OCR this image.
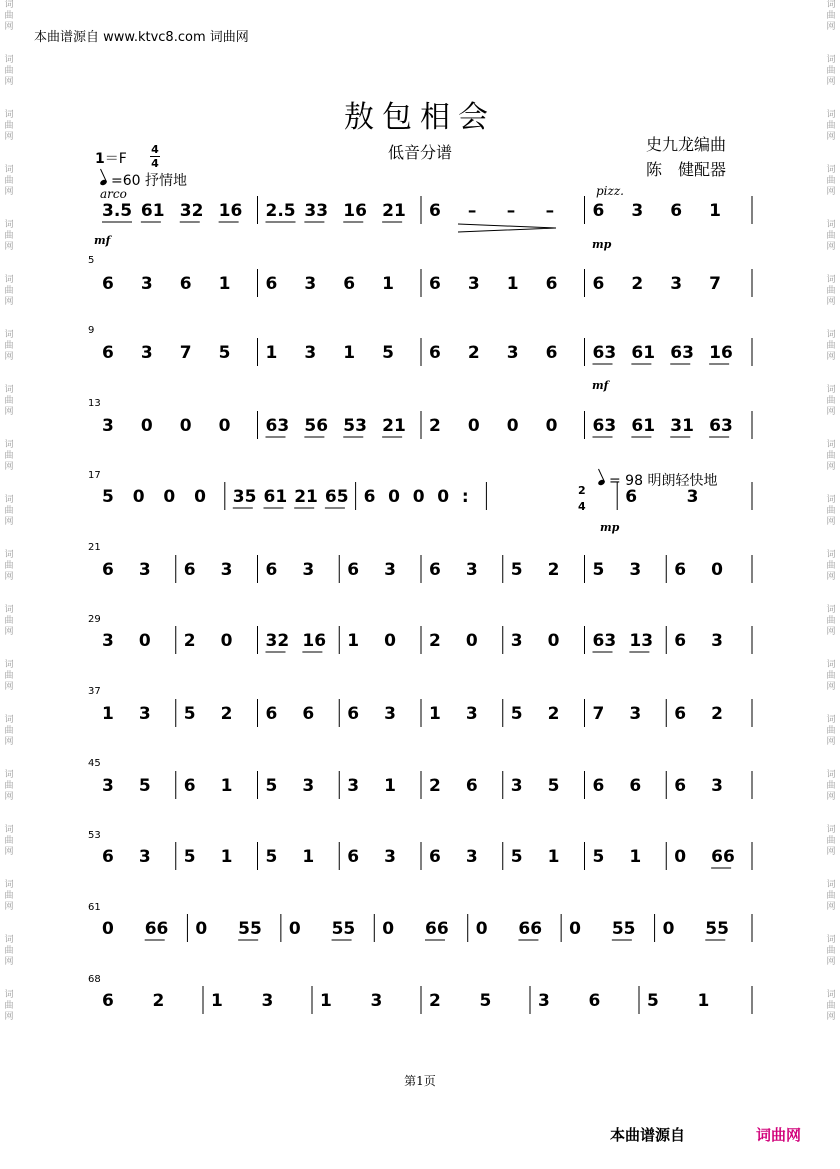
词
曲
网

词
曲
网

词
曲
网

词
曲
网

词
曲
网

词
曲
网

词
曲
网

词
曲
网

词
曲
网

词
曲
网

词
曲
网

词
曲
网

词
曲
网

词
曲
网

词
曲
网

词
曲
网

词
曲
网

词
曲
网

词
曲
网

词
曲
网

词
曲
网

词
曲
网

词
曲
网

词
曲
网

词
曲
网

词
曲
网

词
曲
网

词
曲
网

词
曲
网

词
曲
网

词
曲
网

词
曲
网

词
曲
网

词
曲
网

词
曲
网

词
曲
网

词
曲
网

词
曲
网

本曲谱源自 www.ktvc8.com 词曲网
敖包相会
低音分谱	史九龙编曲
陈　健配器
1＝F
4
4
=60 抒情地
= 98 明朗轻快地
arco	pizz.
mf	mp
mf
mp
3.5 61 32 16 2.5 33 16 21 6 – – – 6 3 6 1
5
6 3 6 1 6 3 6 1 6 3 1 6 6 2 3 7
9
6 3 7 5 1 3 1 5 6 2 3 6 63 61 63 16
13
3 0 0 0 63 56 53 21 2 0 0 0 63 61 31 63
17
5 0 0 0 35 61 21 65 6 0 0 0 :	6	3
21
6 3 6 3 6 3 6 3 6 3 5 2 5 3 6 0
29
3 0 2 0 32 16 1 0 2 0 3 0 63 13 6 3
37
1 3 5 2 6 6 6 3 1 3 5 2 7 3 6 2
45
3 5 6 1 5 3 3 1 2 6 3 5 6 6 6 3
53
6 3 5 1 5 1 6 3 6 3 5 1 5 1 0 66
61
0 66 0 55 0 55 0 66 0 66 0 55 0 55
68
6 2	1 3	1 3	2 5	3 6	5 1
2
4
第1页
本曲谱源自	词曲网
